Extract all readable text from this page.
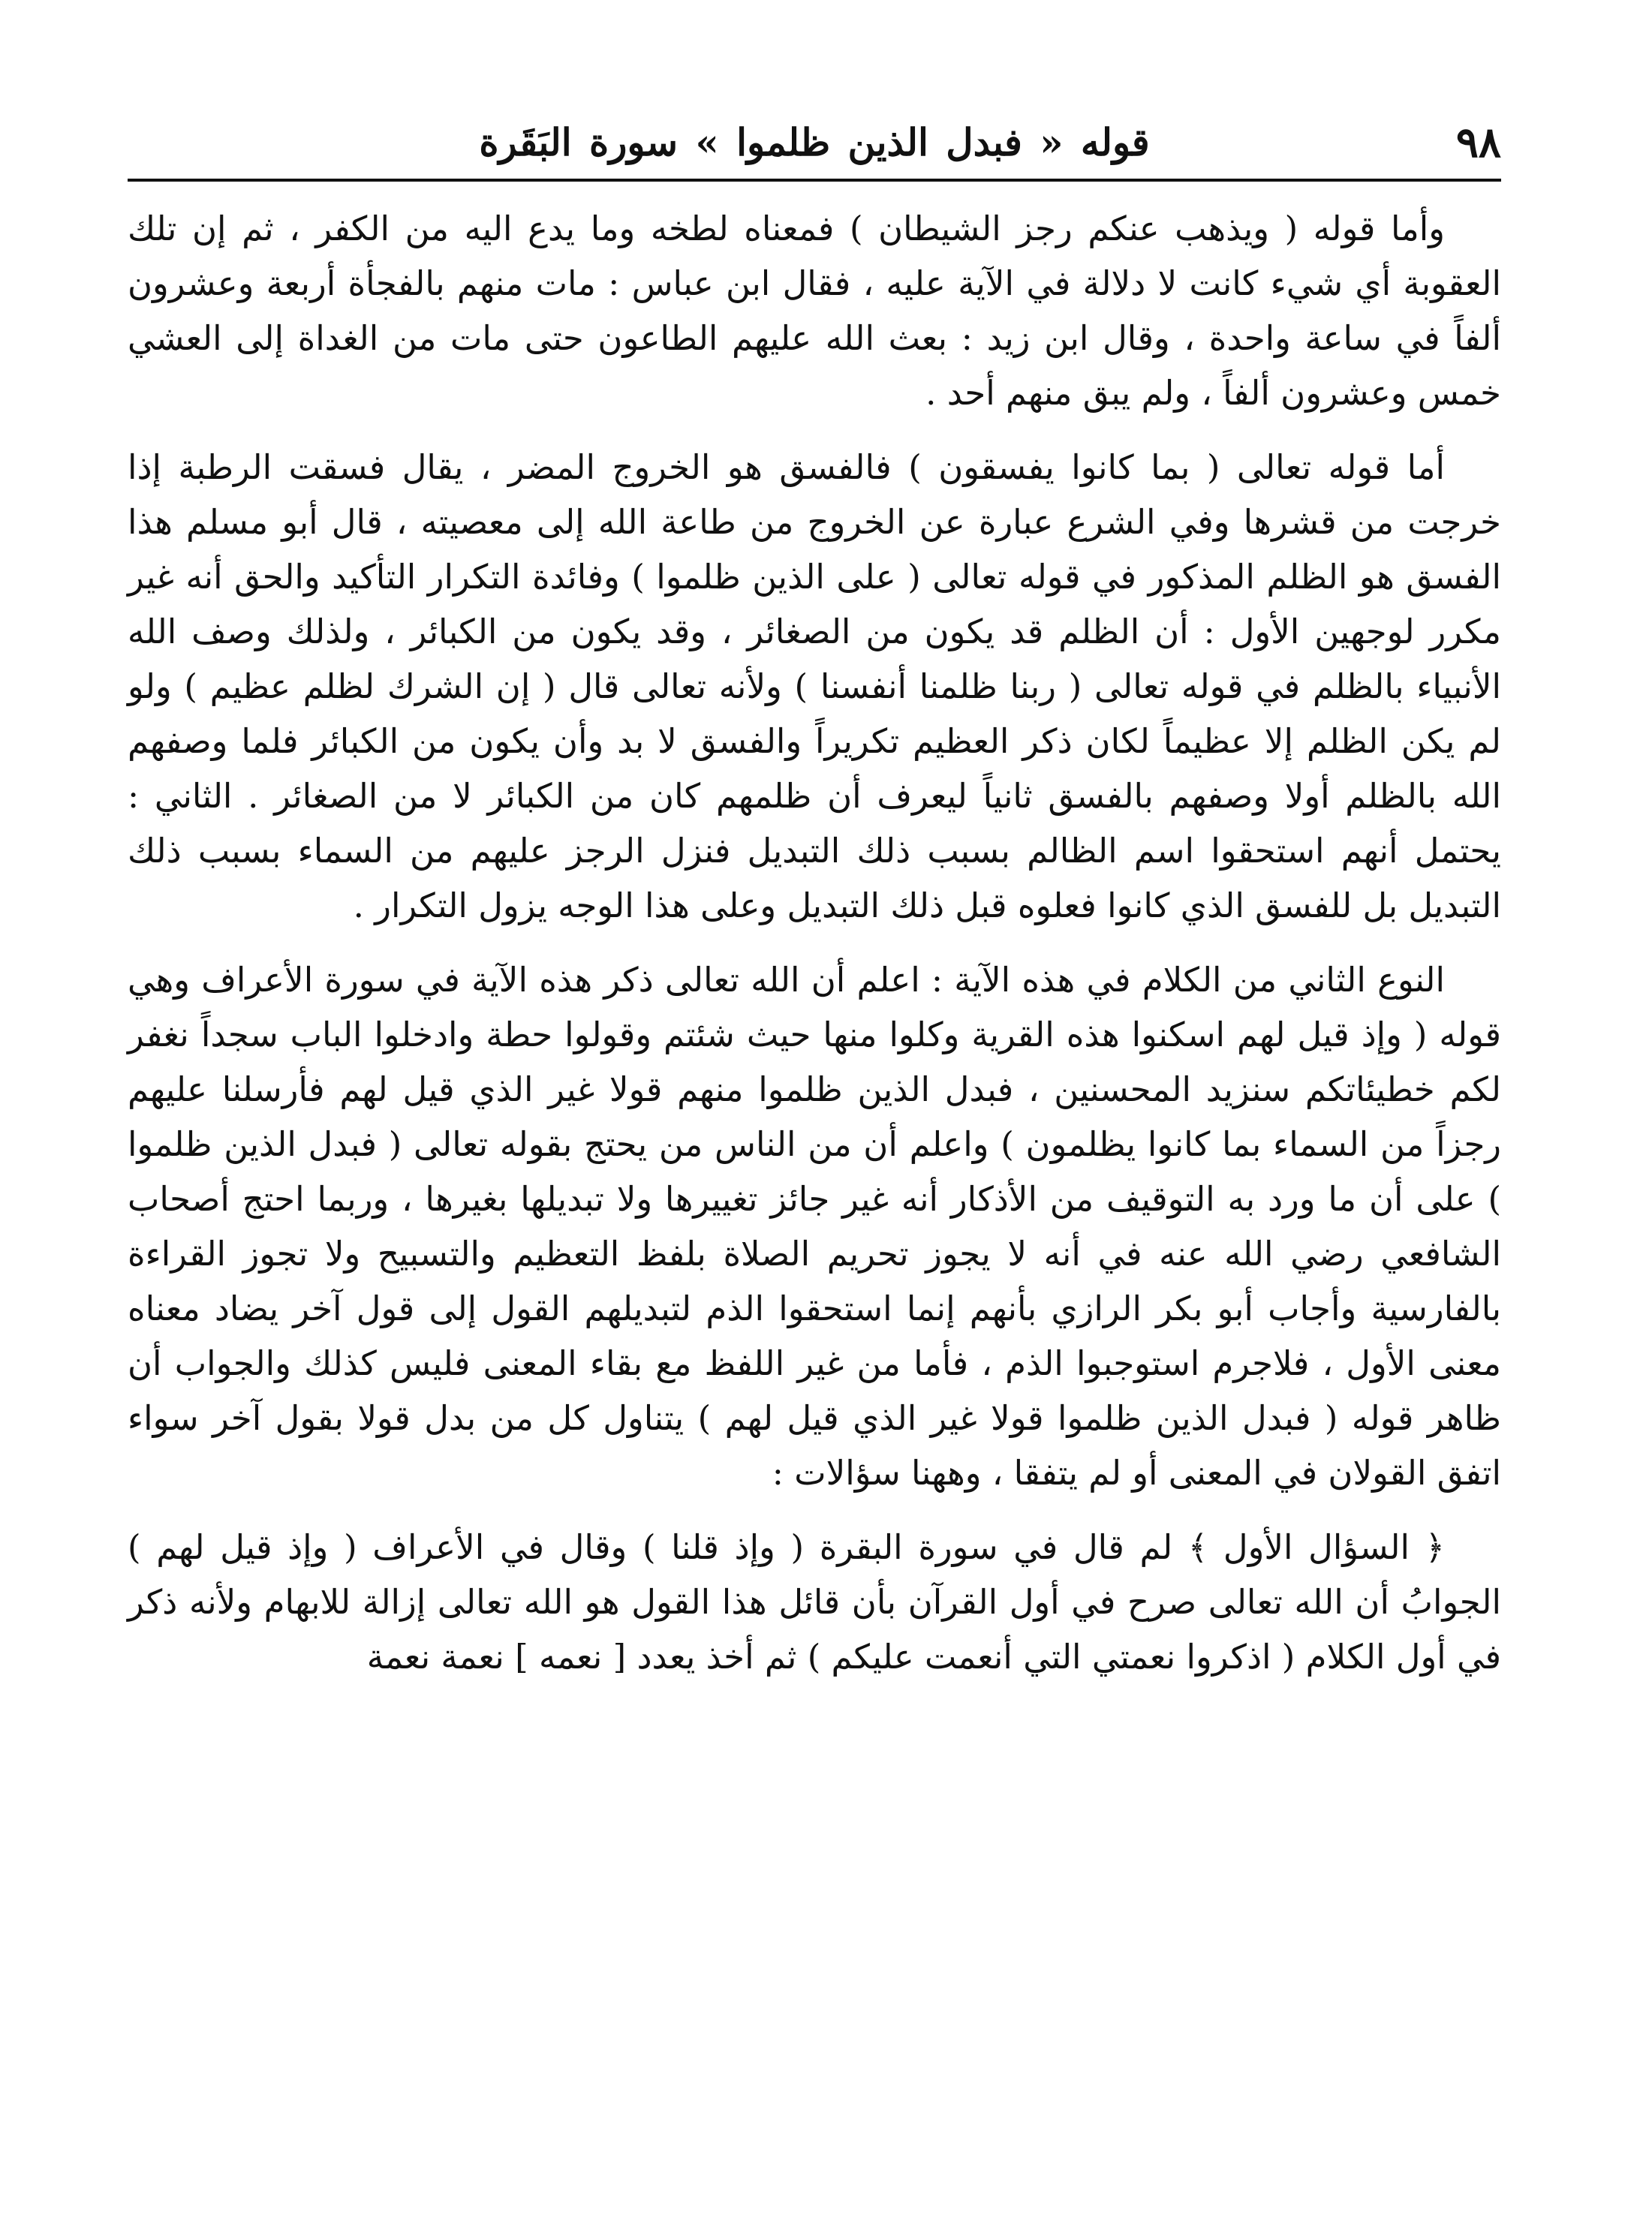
٩٨
قوله « فبدل الذين ظلموا » سورة البَقَرة

وأما قوله ( ويذهب عنكم رجز الشيطان ) فمعناه لطخه وما يدع اليه من الكفر ، ثم إن تلك العقوبة أي شيء كانت لا دلالة في الآية عليه ، فقال ابن عباس : مات منهم بالفجأة أربعة وعشرون ألفاً في ساعة واحدة ، وقال ابن زيد : بعث الله عليهم الطاعون حتى مات من الغداة إلى العشي خمس وعشرون ألفاً ، ولم يبق منهم أحد .

أما قوله تعالى ( بما كانوا يفسقون ) فالفسق هو الخروج المضر ، يقال فسقت الرطبة إذا خرجت من قشرها وفي الشرع عبارة عن الخروج من طاعة الله إلى معصيته ، قال أبو مسلم هذا الفسق هو الظلم المذكور في قوله تعالى ( على الذين ظلموا ) وفائدة التكرار التأكيد والحق أنه غير مكرر لوجهين الأول : أن الظلم قد يكون من الصغائر ، وقد يكون من الكبائر ، ولذلك وصف الله الأنبياء بالظلم في قوله تعالى ( ربنا ظلمنا أنفسنا ) ولأنه تعالى قال ( إن الشرك لظلم عظيم ) ولو لم يكن الظلم إلا عظيماً لكان ذكر العظيم تكريراً والفسق لا بد وأن يكون من الكبائر فلما وصفهم الله بالظلم أولا وصفهم بالفسق ثانياً ليعرف أن ظلمهم كان من الكبائر لا من الصغائر . الثاني : يحتمل أنهم استحقوا اسم الظالم بسبب ذلك التبديل فنزل الرجز عليهم من السماء بسبب ذلك التبديل بل للفسق الذي كانوا فعلوه قبل ذلك التبديل وعلى هذا الوجه يزول التكرار .

النوع الثاني من الكلام في هذه الآية : اعلم أن الله تعالى ذكر هذه الآية في سورة الأعراف وهي قوله ( وإذ قيل لهم اسكنوا هذه القرية وكلوا منها حيث شئتم وقولوا حطة وادخلوا الباب سجداً نغفر لكم خطيئاتكم سنزيد المحسنين ، فبدل الذين ظلموا منهم قولا غير الذي قيل لهم فأرسلنا عليهم رجزاً من السماء بما كانوا يظلمون ) واعلم أن من الناس من يحتج بقوله تعالى ( فبدل الذين ظلموا ) على أن ما ورد به التوقيف من الأذكار أنه غير جائز تغييرها ولا تبديلها بغيرها ، وربما احتج أصحاب الشافعي رضي الله عنه في أنه لا يجوز تحريم الصلاة بلفظ التعظيم والتسبيح ولا تجوز القراءة بالفارسية وأجاب أبو بكر الرازي بأنهم إنما استحقوا الذم لتبديلهم القول إلى قول آخر يضاد معناه معنى الأول ، فلاجرم استوجبوا الذم ، فأما من غير اللفظ مع بقاء المعنى فليس كذلك والجواب أن ظاهر قوله ( فبدل الذين ظلموا قولا غير الذي قيل لهم ) يتناول كل من بدل قولا بقول آخر سواء اتفق القولان في المعنى أو لم يتفقا ، وههنا سؤالات :

﴿ السؤال الأول ﴾ لم قال في سورة البقرة ( وإذ قلنا ) وقال في الأعراف ( وإذ قيل لهم ) الجوابُ أن الله تعالى صرح في أول القرآن بأن قائل هذا القول هو الله تعالى إزالة للابهام ولأنه ذكر في أول الكلام ( اذكروا نعمتي التي أنعمت عليكم ) ثم أخذ يعدد [ نعمه ] نعمة نعمة
